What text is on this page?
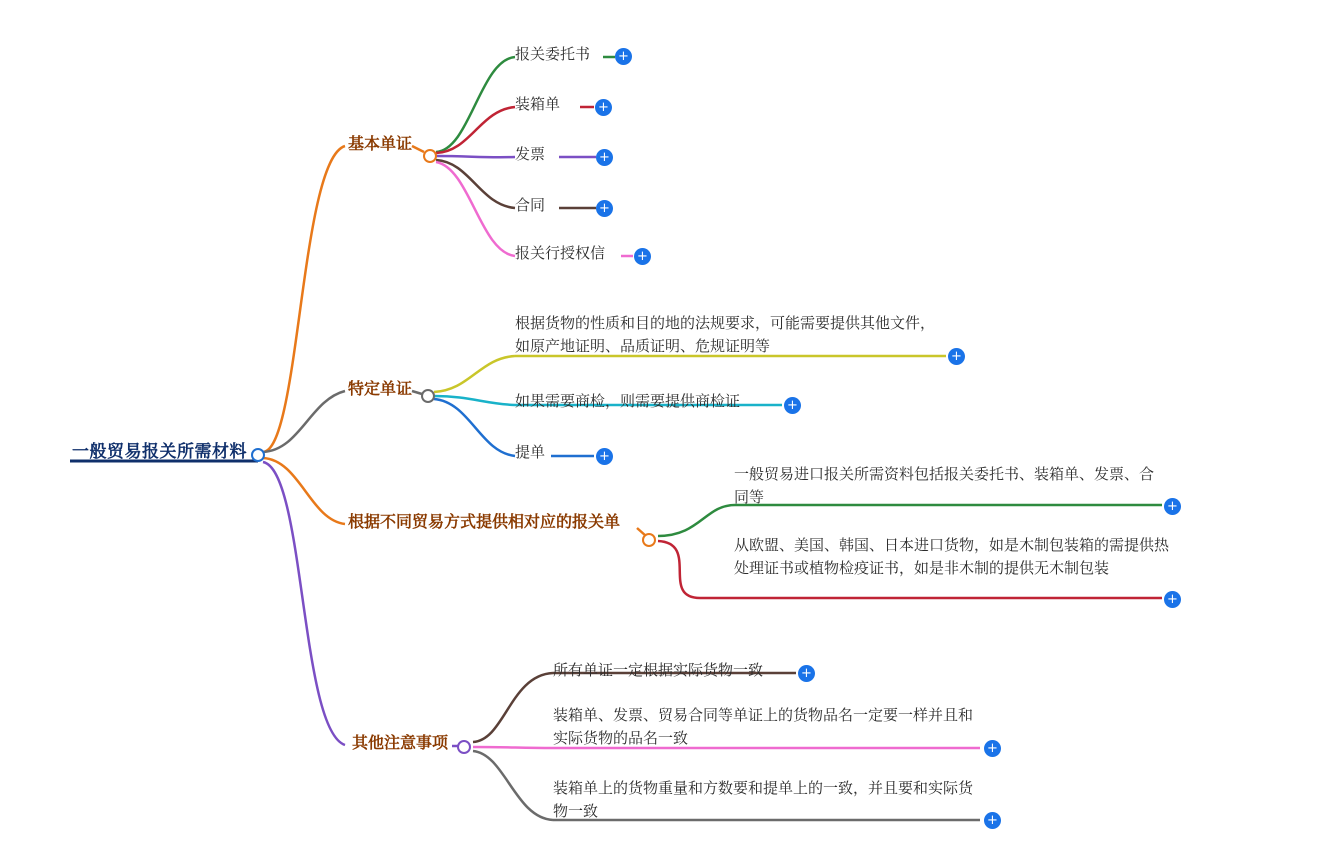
一般贸易报关所需材料
基本单证
报关委托书 +
装箱单	+
发票	+
合同	+
报关行授权信 +
特定单证
根据货物的性质和目的地的法规要求，可能需要提供其他文件，如原产地证明、品质证明、危规证明等
+
如果需要商检，则需要提供商检证	+
提单	+
根据不同贸易方式提供相对应的报关单
一般贸易进口报关所需资料包括报关委托书、装箱单、发票、合同等
+
从欧盟、美国、韩国、日本进口货物，如是木制包装箱的需提供热处理证书或植物检疫证书，如是非木制的提供无木制包装
+
其他注意事项
所有单证一定根据实际货物一致	+
装箱单、发票、贸易合同等单证上的货物品名一定要一样并且和实际货物的品名一致
+
装箱单上的货物重量和方数要和提单上的一致，并且要和实际货物一致
+
